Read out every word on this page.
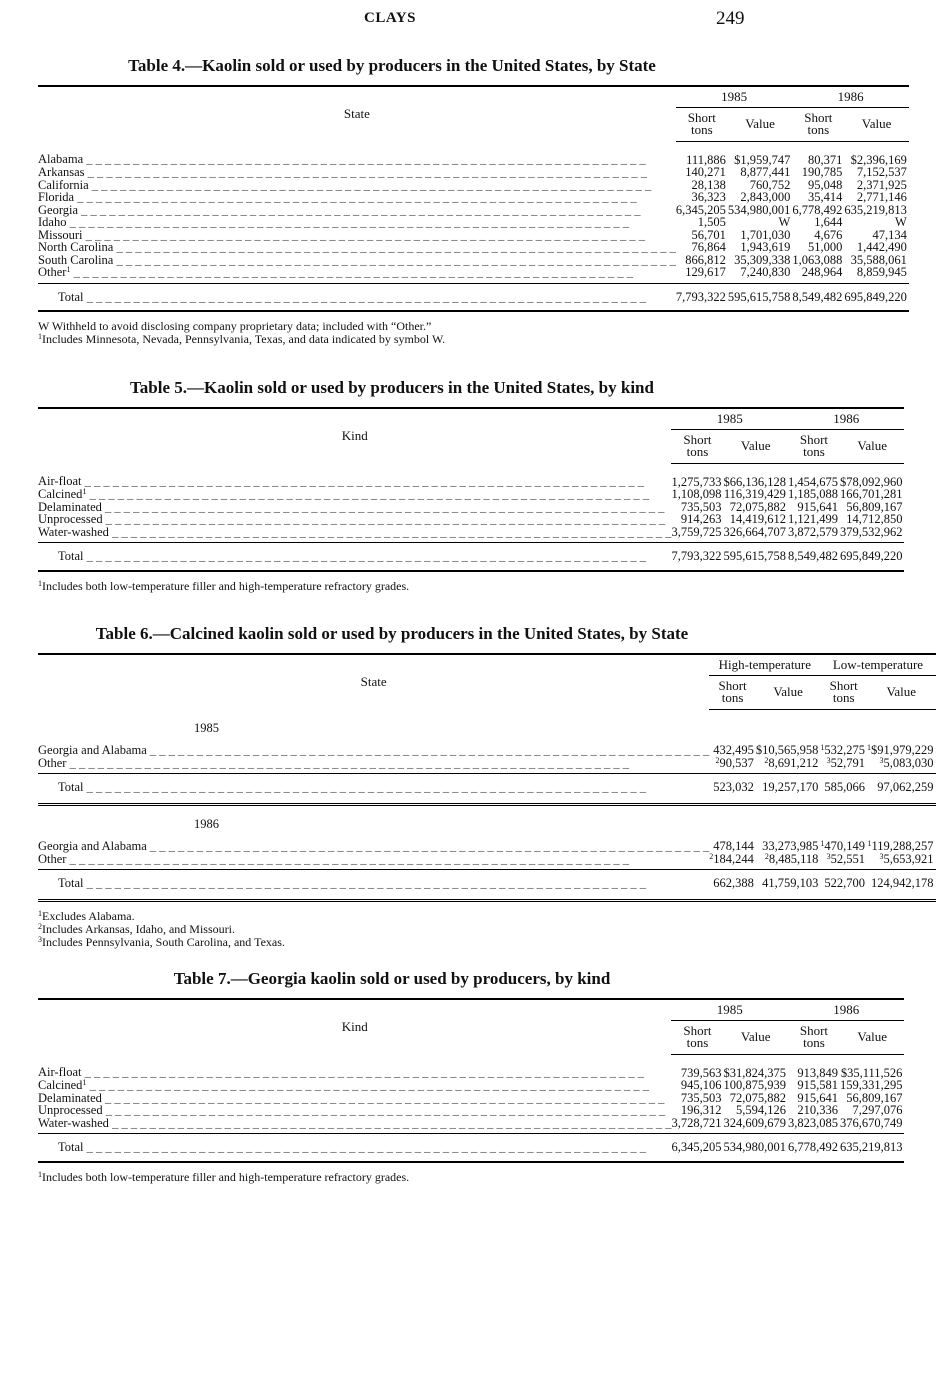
CLAYS	249
Table 4.—Kaolin sold or used by producers in the United States, by State
State	1985		1986	
	Short tons	Value		Short tons	Value
Alabama _ _ _ _ _ _ _ _ _ _ _ _ _ _ _ _ _ _ _ _ _ _ _ _ _ _ _ _ _ _ _ _ _ _ _ _ _ _ _ _ _ _ _ _ _ _ _ _ _ _ _ _ _ _ _ _ _ _ _ _	111,886	$1,959,747		80,371	$2,396,169
Arkansas _ _ _ _ _ _ _ _ _ _ _ _ _ _ _ _ _ _ _ _ _ _ _ _ _ _ _ _ _ _ _ _ _ _ _ _ _ _ _ _ _ _ _ _ _ _ _ _ _ _ _ _ _ _ _ _ _ _ _ _	140,271	8,877,441		190,785	7,152,537
California _ _ _ _ _ _ _ _ _ _ _ _ _ _ _ _ _ _ _ _ _ _ _ _ _ _ _ _ _ _ _ _ _ _ _ _ _ _ _ _ _ _ _ _ _ _ _ _ _ _ _ _ _ _ _ _ _ _ _ _	28,138	760,752		95,048	2,371,925
Florida _ _ _ _ _ _ _ _ _ _ _ _ _ _ _ _ _ _ _ _ _ _ _ _ _ _ _ _ _ _ _ _ _ _ _ _ _ _ _ _ _ _ _ _ _ _ _ _ _ _ _ _ _ _ _ _ _ _ _ _	36,323	2,843,000		35,414	2,771,146
Georgia _ _ _ _ _ _ _ _ _ _ _ _ _ _ _ _ _ _ _ _ _ _ _ _ _ _ _ _ _ _ _ _ _ _ _ _ _ _ _ _ _ _ _ _ _ _ _ _ _ _ _ _ _ _ _ _ _ _ _ _	6,345,205	534,980,001		6,778,492	635,219,813
Idaho _ _ _ _ _ _ _ _ _ _ _ _ _ _ _ _ _ _ _ _ _ _ _ _ _ _ _ _ _ _ _ _ _ _ _ _ _ _ _ _ _ _ _ _ _ _ _ _ _ _ _ _ _ _ _ _ _ _ _ _	1,505	W		1,644	W
Missouri _ _ _ _ _ _ _ _ _ _ _ _ _ _ _ _ _ _ _ _ _ _ _ _ _ _ _ _ _ _ _ _ _ _ _ _ _ _ _ _ _ _ _ _ _ _ _ _ _ _ _ _ _ _ _ _ _ _ _ _	56,701	1,701,030		4,676	47,134
North Carolina _ _ _ _ _ _ _ _ _ _ _ _ _ _ _ _ _ _ _ _ _ _ _ _ _ _ _ _ _ _ _ _ _ _ _ _ _ _ _ _ _ _ _ _ _ _ _ _ _ _ _ _ _ _ _ _ _ _ _ _	76,864	1,943,619		51,000	1,442,490
South Carolina _ _ _ _ _ _ _ _ _ _ _ _ _ _ _ _ _ _ _ _ _ _ _ _ _ _ _ _ _ _ _ _ _ _ _ _ _ _ _ _ _ _ _ _ _ _ _ _ _ _ _ _ _ _ _ _ _ _ _ _	866,812	35,309,338		1,063,088	35,588,061
Other$^1$ _ _ _ _ _ _ _ _ _ _ _ _ _ _ _ _ _ _ _ _ _ _ _ _ _ _ _ _ _ _ _ _ _ _ _ _ _ _ _ _ _ _ _ _ _ _ _ _ _ _ _ _ _ _ _ _ _ _ _ _	129,617	7,240,830		248,964	8,859,945

Total _ _ _ _ _ _ _ _ _ _ _ _ _ _ _ _ _ _ _ _ _ _ _ _ _ _ _ _ _ _ _ _ _ _ _ _ _ _ _ _ _ _ _ _ _ _ _ _ _ _ _ _ _ _ _ _ _ _ _ _	7,793,322	595,615,758		8,549,482	695,849,220

W Withheld to avoid disclosing company proprietary data; included with “Other.”

$^1$Includes Minnesota, Nevada, Pennsylvania, Texas, and data indicated by symbol W.

Table 5.—Kaolin sold or used by producers in the United States, by kind
Kind	1985		1986	
	Short tons	Value		Short tons	Value
Air-float _ _ _ _ _ _ _ _ _ _ _ _ _ _ _ _ _ _ _ _ _ _ _ _ _ _ _ _ _ _ _ _ _ _ _ _ _ _ _ _ _ _ _ _ _ _ _ _ _ _ _ _ _ _ _ _ _ _ _ _	1,275,733	$66,136,128		1,454,675	$78,092,960
Calcined$^1$ _ _ _ _ _ _ _ _ _ _ _ _ _ _ _ _ _ _ _ _ _ _ _ _ _ _ _ _ _ _ _ _ _ _ _ _ _ _ _ _ _ _ _ _ _ _ _ _ _ _ _ _ _ _ _ _ _ _ _ _	1,108,098	116,319,429		1,185,088	166,701,281
Delaminated _ _ _ _ _ _ _ _ _ _ _ _ _ _ _ _ _ _ _ _ _ _ _ _ _ _ _ _ _ _ _ _ _ _ _ _ _ _ _ _ _ _ _ _ _ _ _ _ _ _ _ _ _ _ _ _ _ _ _ _	735,503	72,075,882		915,641	56,809,167
Unprocessed _ _ _ _ _ _ _ _ _ _ _ _ _ _ _ _ _ _ _ _ _ _ _ _ _ _ _ _ _ _ _ _ _ _ _ _ _ _ _ _ _ _ _ _ _ _ _ _ _ _ _ _ _ _ _ _ _ _ _ _	914,263	14,419,612		1,121,499	14,712,850
Water-washed _ _ _ _ _ _ _ _ _ _ _ _ _ _ _ _ _ _ _ _ _ _ _ _ _ _ _ _ _ _ _ _ _ _ _ _ _ _ _ _ _ _ _ _ _ _ _ _ _ _ _ _ _ _ _ _ _ _ _ _	3,759,725	326,664,707		3,872,579	379,532,962

Total _ _ _ _ _ _ _ _ _ _ _ _ _ _ _ _ _ _ _ _ _ _ _ _ _ _ _ _ _ _ _ _ _ _ _ _ _ _ _ _ _ _ _ _ _ _ _ _ _ _ _ _ _ _ _ _ _ _ _ _	7,793,322	595,615,758		8,549,482	695,849,220

$^1$Includes both low-temperature filler and high-temperature refractory grades.

Table 6.—Calcined kaolin sold or used by producers in the United States, by State
State	High-temperature		Low-temperature	
	Short tons	Value		Short tons	Value
1985				
Georgia and Alabama _ _ _ _ _ _ _ _ _ _ _ _ _ _ _ _ _ _ _ _ _ _ _ _ _ _ _ _ _ _ _ _ _ _ _ _ _ _ _ _ _ _ _ _ _ _ _ _ _ _ _ _ _ _ _ _ _ _ _ _	432,495	$10,565,958		$^1$532,275	$^1$\$91,979,229
Other _ _ _ _ _ _ _ _ _ _ _ _ _ _ _ _ _ _ _ _ _ _ _ _ _ _ _ _ _ _ _ _ _ _ _ _ _ _ _ _ _ _ _ _ _ _ _ _ _ _ _ _ _ _ _ _ _ _ _ _	$^2$90,537	$^2$8,691,212		$^3$52,791	$^3$5,083,030
Total _ _ _ _ _ _ _ _ _ _ _ _ _ _ _ _ _ _ _ _ _ _ _ _ _ _ _ _ _ _ _ _ _ _ _ _ _ _ _ _ _ _ _ _ _ _ _ _ _ _ _ _ _ _ _ _ _ _ _ _	523,032	19,257,170		585,066	97,062,259
1986				
Georgia and Alabama _ _ _ _ _ _ _ _ _ _ _ _ _ _ _ _ _ _ _ _ _ _ _ _ _ _ _ _ _ _ _ _ _ _ _ _ _ _ _ _ _ _ _ _ _ _ _ _ _ _ _ _ _ _ _ _ _ _ _ _	478,144	33,273,985		$^1$470,149	$^1$119,288,257
Other _ _ _ _ _ _ _ _ _ _ _ _ _ _ _ _ _ _ _ _ _ _ _ _ _ _ _ _ _ _ _ _ _ _ _ _ _ _ _ _ _ _ _ _ _ _ _ _ _ _ _ _ _ _ _ _ _ _ _ _	$^2$184,244	$^2$8,485,118		$^3$52,551	$^3$5,653,921
Total _ _ _ _ _ _ _ _ _ _ _ _ _ _ _ _ _ _ _ _ _ _ _ _ _ _ _ _ _ _ _ _ _ _ _ _ _ _ _ _ _ _ _ _ _ _ _ _ _ _ _ _ _ _ _ _ _ _ _ _	662,388	41,759,103		522,700	124,942,178

$^1$Excludes Alabama.

$^2$Includes Arkansas, Idaho, and Missouri.

$^3$Includes Pennsylvania, South Carolina, and Texas.

Table 7.—Georgia kaolin sold or used by producers, by kind
Kind	1985		1986	
	Short tons	Value		Short tons	Value
Air-float _ _ _ _ _ _ _ _ _ _ _ _ _ _ _ _ _ _ _ _ _ _ _ _ _ _ _ _ _ _ _ _ _ _ _ _ _ _ _ _ _ _ _ _ _ _ _ _ _ _ _ _ _ _ _ _ _ _ _ _	739,563	$31,824,375		913,849	$35,111,526
Calcined$^1$ _ _ _ _ _ _ _ _ _ _ _ _ _ _ _ _ _ _ _ _ _ _ _ _ _ _ _ _ _ _ _ _ _ _ _ _ _ _ _ _ _ _ _ _ _ _ _ _ _ _ _ _ _ _ _ _ _ _ _ _	945,106	100,875,939		915,581	159,331,295
Delaminated _ _ _ _ _ _ _ _ _ _ _ _ _ _ _ _ _ _ _ _ _ _ _ _ _ _ _ _ _ _ _ _ _ _ _ _ _ _ _ _ _ _ _ _ _ _ _ _ _ _ _ _ _ _ _ _ _ _ _ _	735,503	72,075,882		915,641	56,809,167
Unprocessed _ _ _ _ _ _ _ _ _ _ _ _ _ _ _ _ _ _ _ _ _ _ _ _ _ _ _ _ _ _ _ _ _ _ _ _ _ _ _ _ _ _ _ _ _ _ _ _ _ _ _ _ _ _ _ _ _ _ _ _	196,312	5,594,126		210,336	7,297,076
Water-washed _ _ _ _ _ _ _ _ _ _ _ _ _ _ _ _ _ _ _ _ _ _ _ _ _ _ _ _ _ _ _ _ _ _ _ _ _ _ _ _ _ _ _ _ _ _ _ _ _ _ _ _ _ _ _ _ _ _ _ _	3,728,721	324,609,679		3,823,085	376,670,749

Total _ _ _ _ _ _ _ _ _ _ _ _ _ _ _ _ _ _ _ _ _ _ _ _ _ _ _ _ _ _ _ _ _ _ _ _ _ _ _ _ _ _ _ _ _ _ _ _ _ _ _ _ _ _ _ _ _ _ _ _	6,345,205	534,980,001		6,778,492	635,219,813

$^1$Includes both low-temperature filler and high-temperature refractory grades.
